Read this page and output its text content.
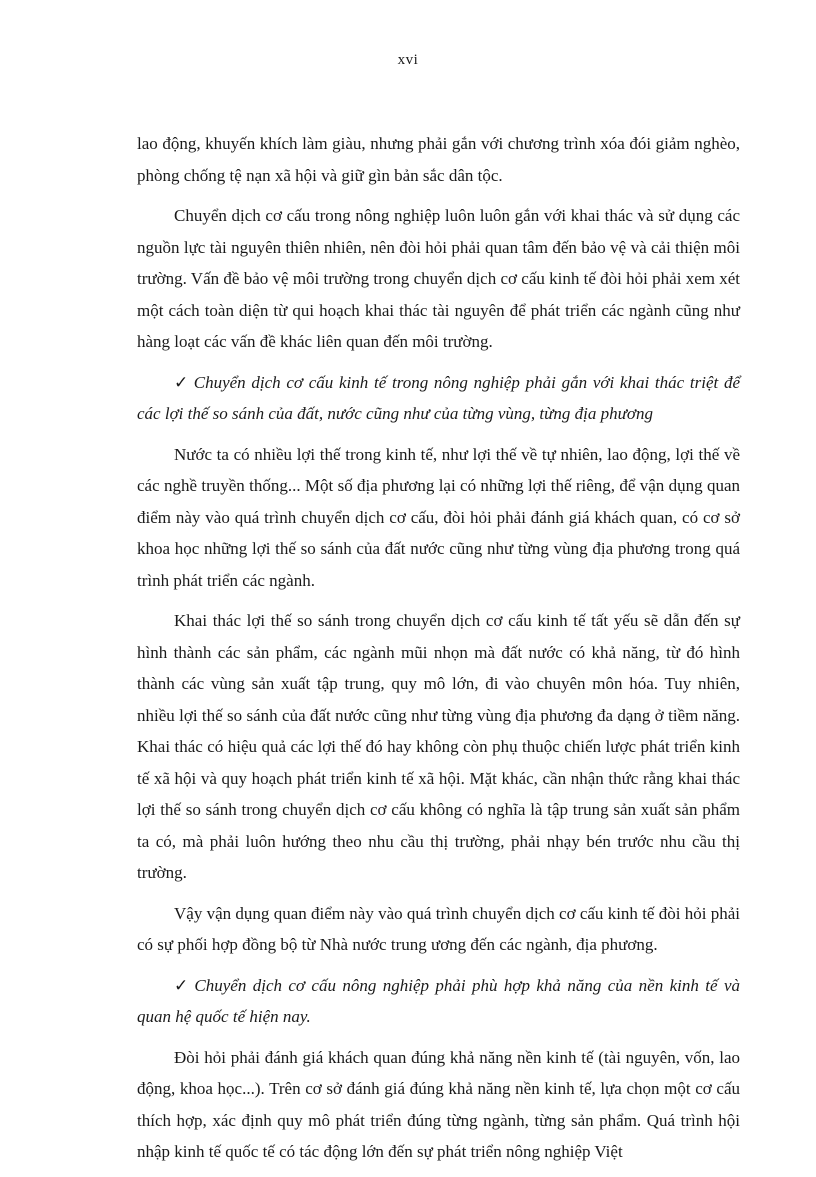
xvi

lao động, khuyến khích làm giàu, nhưng phải gắn với chương trình xóa đói giảm nghèo, phòng chống tệ nạn xã hội và giữ gìn bản sắc dân tộc.

Chuyển dịch cơ cấu trong nông nghiệp luôn luôn gắn với khai thác và sử dụng các nguồn lực tài nguyên thiên nhiên, nên đòi hỏi phải quan tâm đến bảo vệ và cải thiện môi trường. Vấn đề bảo vệ môi trường trong chuyển dịch cơ cấu kinh tế đòi hỏi phải xem xét một cách toàn diện từ qui hoạch khai thác tài nguyên để phát triển các ngành cũng như hàng loạt các vấn đề khác liên quan đến môi trường.

✓ Chuyển dịch cơ cấu kinh tế trong nông nghiệp phải gắn với khai thác triệt để các lợi thế so sánh của đất, nước cũng như của từng vùng, từng địa phương

Nước ta có nhiều lợi thế trong kinh tế, như lợi thế về tự nhiên, lao động, lợi thế về các nghề truyền thống... Một số địa phương lại có những lợi thế riêng, để vận dụng quan điểm này vào quá trình chuyển dịch cơ cấu, đòi hỏi phải đánh giá khách quan, có cơ sở khoa học những lợi thế so sánh của đất nước cũng như từng vùng địa phương trong quá trình phát triển các ngành.

Khai thác lợi thế so sánh trong chuyển dịch cơ cấu kinh tế tất yếu sẽ dẫn đến sự hình thành các sản phẩm, các ngành mũi nhọn mà đất nước có khả năng, từ đó hình thành các vùng sản xuất tập trung, quy mô lớn, đi vào chuyên môn hóa. Tuy nhiên, nhiều lợi thế so sánh của đất nước cũng như từng vùng địa phương đa dạng ở tiềm năng. Khai thác có hiệu quả các lợi thế đó hay không còn phụ thuộc chiến lược phát triển kinh tế xã hội và quy hoạch phát triển kinh tế xã hội. Mặt khác, cần nhận thức rằng khai thác lợi thế so sánh trong chuyển dịch cơ cấu không có nghĩa là tập trung sản xuất sản phẩm ta có, mà phải luôn hướng theo nhu cầu thị trường, phải nhạy bén trước nhu cầu thị trường.

Vậy vận dụng quan điểm này vào quá trình chuyển dịch cơ cấu kinh tế đòi hỏi phải có sự phối hợp đồng bộ từ Nhà nước trung ương đến các ngành, địa phương.

✓ Chuyển dịch cơ cấu nông nghiệp phải phù hợp khả năng của nền kinh tế và quan hệ quốc tế hiện nay.

Đòi hỏi phải đánh giá khách quan đúng khả năng nền kinh tế (tài nguyên, vốn, lao động, khoa học...). Trên cơ sở đánh giá đúng khả năng nền kinh tế, lựa chọn một cơ cấu thích hợp, xác định quy mô phát triển đúng từng ngành, từng sản phẩm. Quá trình hội nhập kinh tế quốc tế có tác động lớn đến sự phát triển nông nghiệp Việt
